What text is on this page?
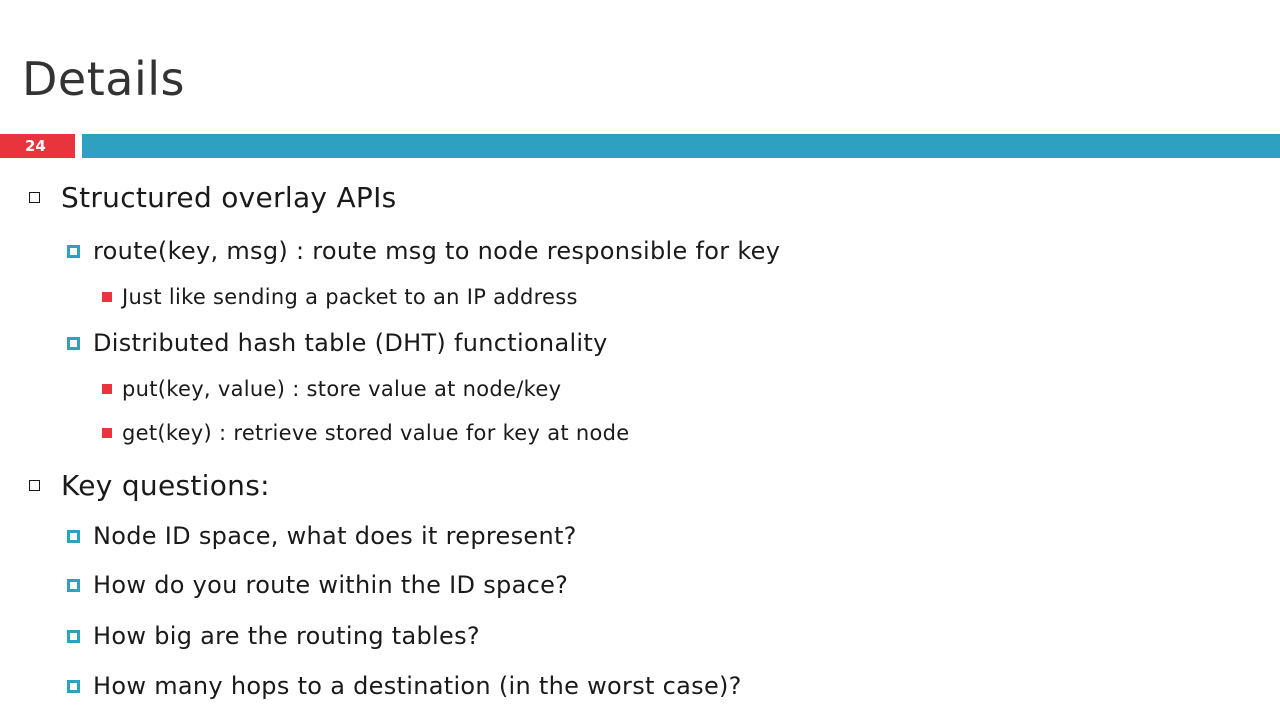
Details
24
Structured overlay APIs
route(key, msg) : route msg to node responsible for key
Just like sending a packet to an IP address
Distributed hash table (DHT) functionality
put(key, value) : store value at node/key
get(key) : retrieve stored value for key at node
Key questions:
Node ID space, what does it represent?
How do you route within the ID space?
How big are the routing tables?
How many hops to a destination (in the worst case)?
